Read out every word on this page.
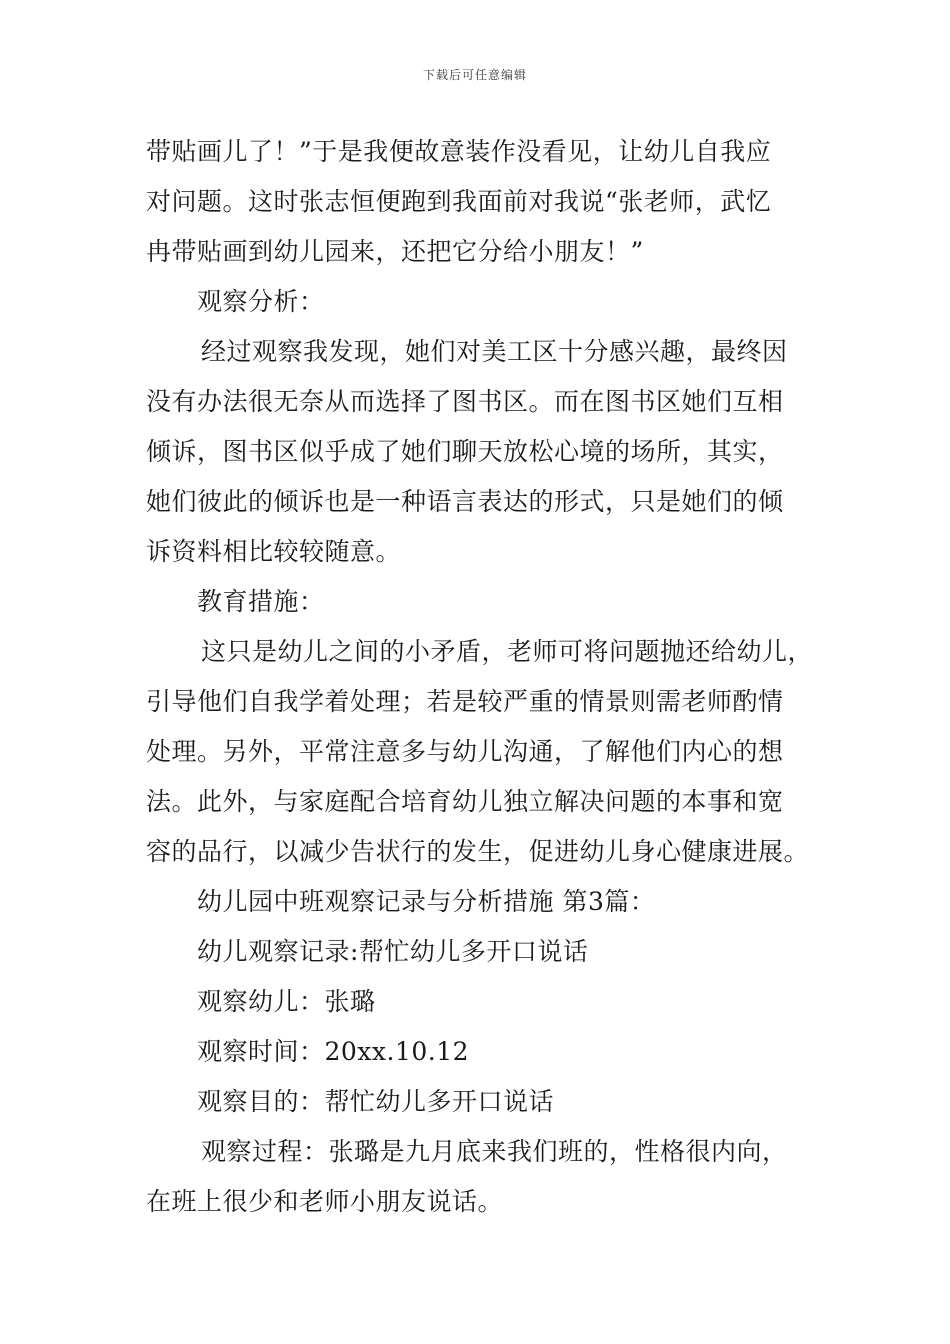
下载后可任意编辑
带贴画儿了！”于是我便故意装作没看见，让幼儿自我应
对问题。这时张志恒便跑到我面前对我说“张老师，武忆
冉带贴画到幼儿园来，还把它分给小朋友！”
观察分析：
经过观察我发现，她们对美工区十分感兴趣，最终因
没有办法很无奈从而选择了图书区。而在图书区她们互相
倾诉，图书区似乎成了她们聊天放松心境的场所，其实，
她们彼此的倾诉也是一种语言表达的形式，只是她们的倾
诉资料相比较较随意。
教育措施：
这只是幼儿之间的小矛盾，老师可将问题抛还给幼儿，
引导他们自我学着处理；若是较严重的情景则需老师酌情
处理。另外，平常注意多与幼儿沟通，了解他们内心的想
法。此外，与家庭配合培育幼儿独立解决问题的本事和宽
容的品行，以减少告状行的发生，促进幼儿身心健康进展。
幼儿园中班观察记录与分析措施 第3篇：
幼儿观察记录:帮忙幼儿多开口说话
观察幼儿：张璐
观察时间：20xx.10.12
观察目的：帮忙幼儿多开口说话
观察过程：张璐是九月底来我们班的，性格很内向，
在班上很少和老师小朋友说话。
